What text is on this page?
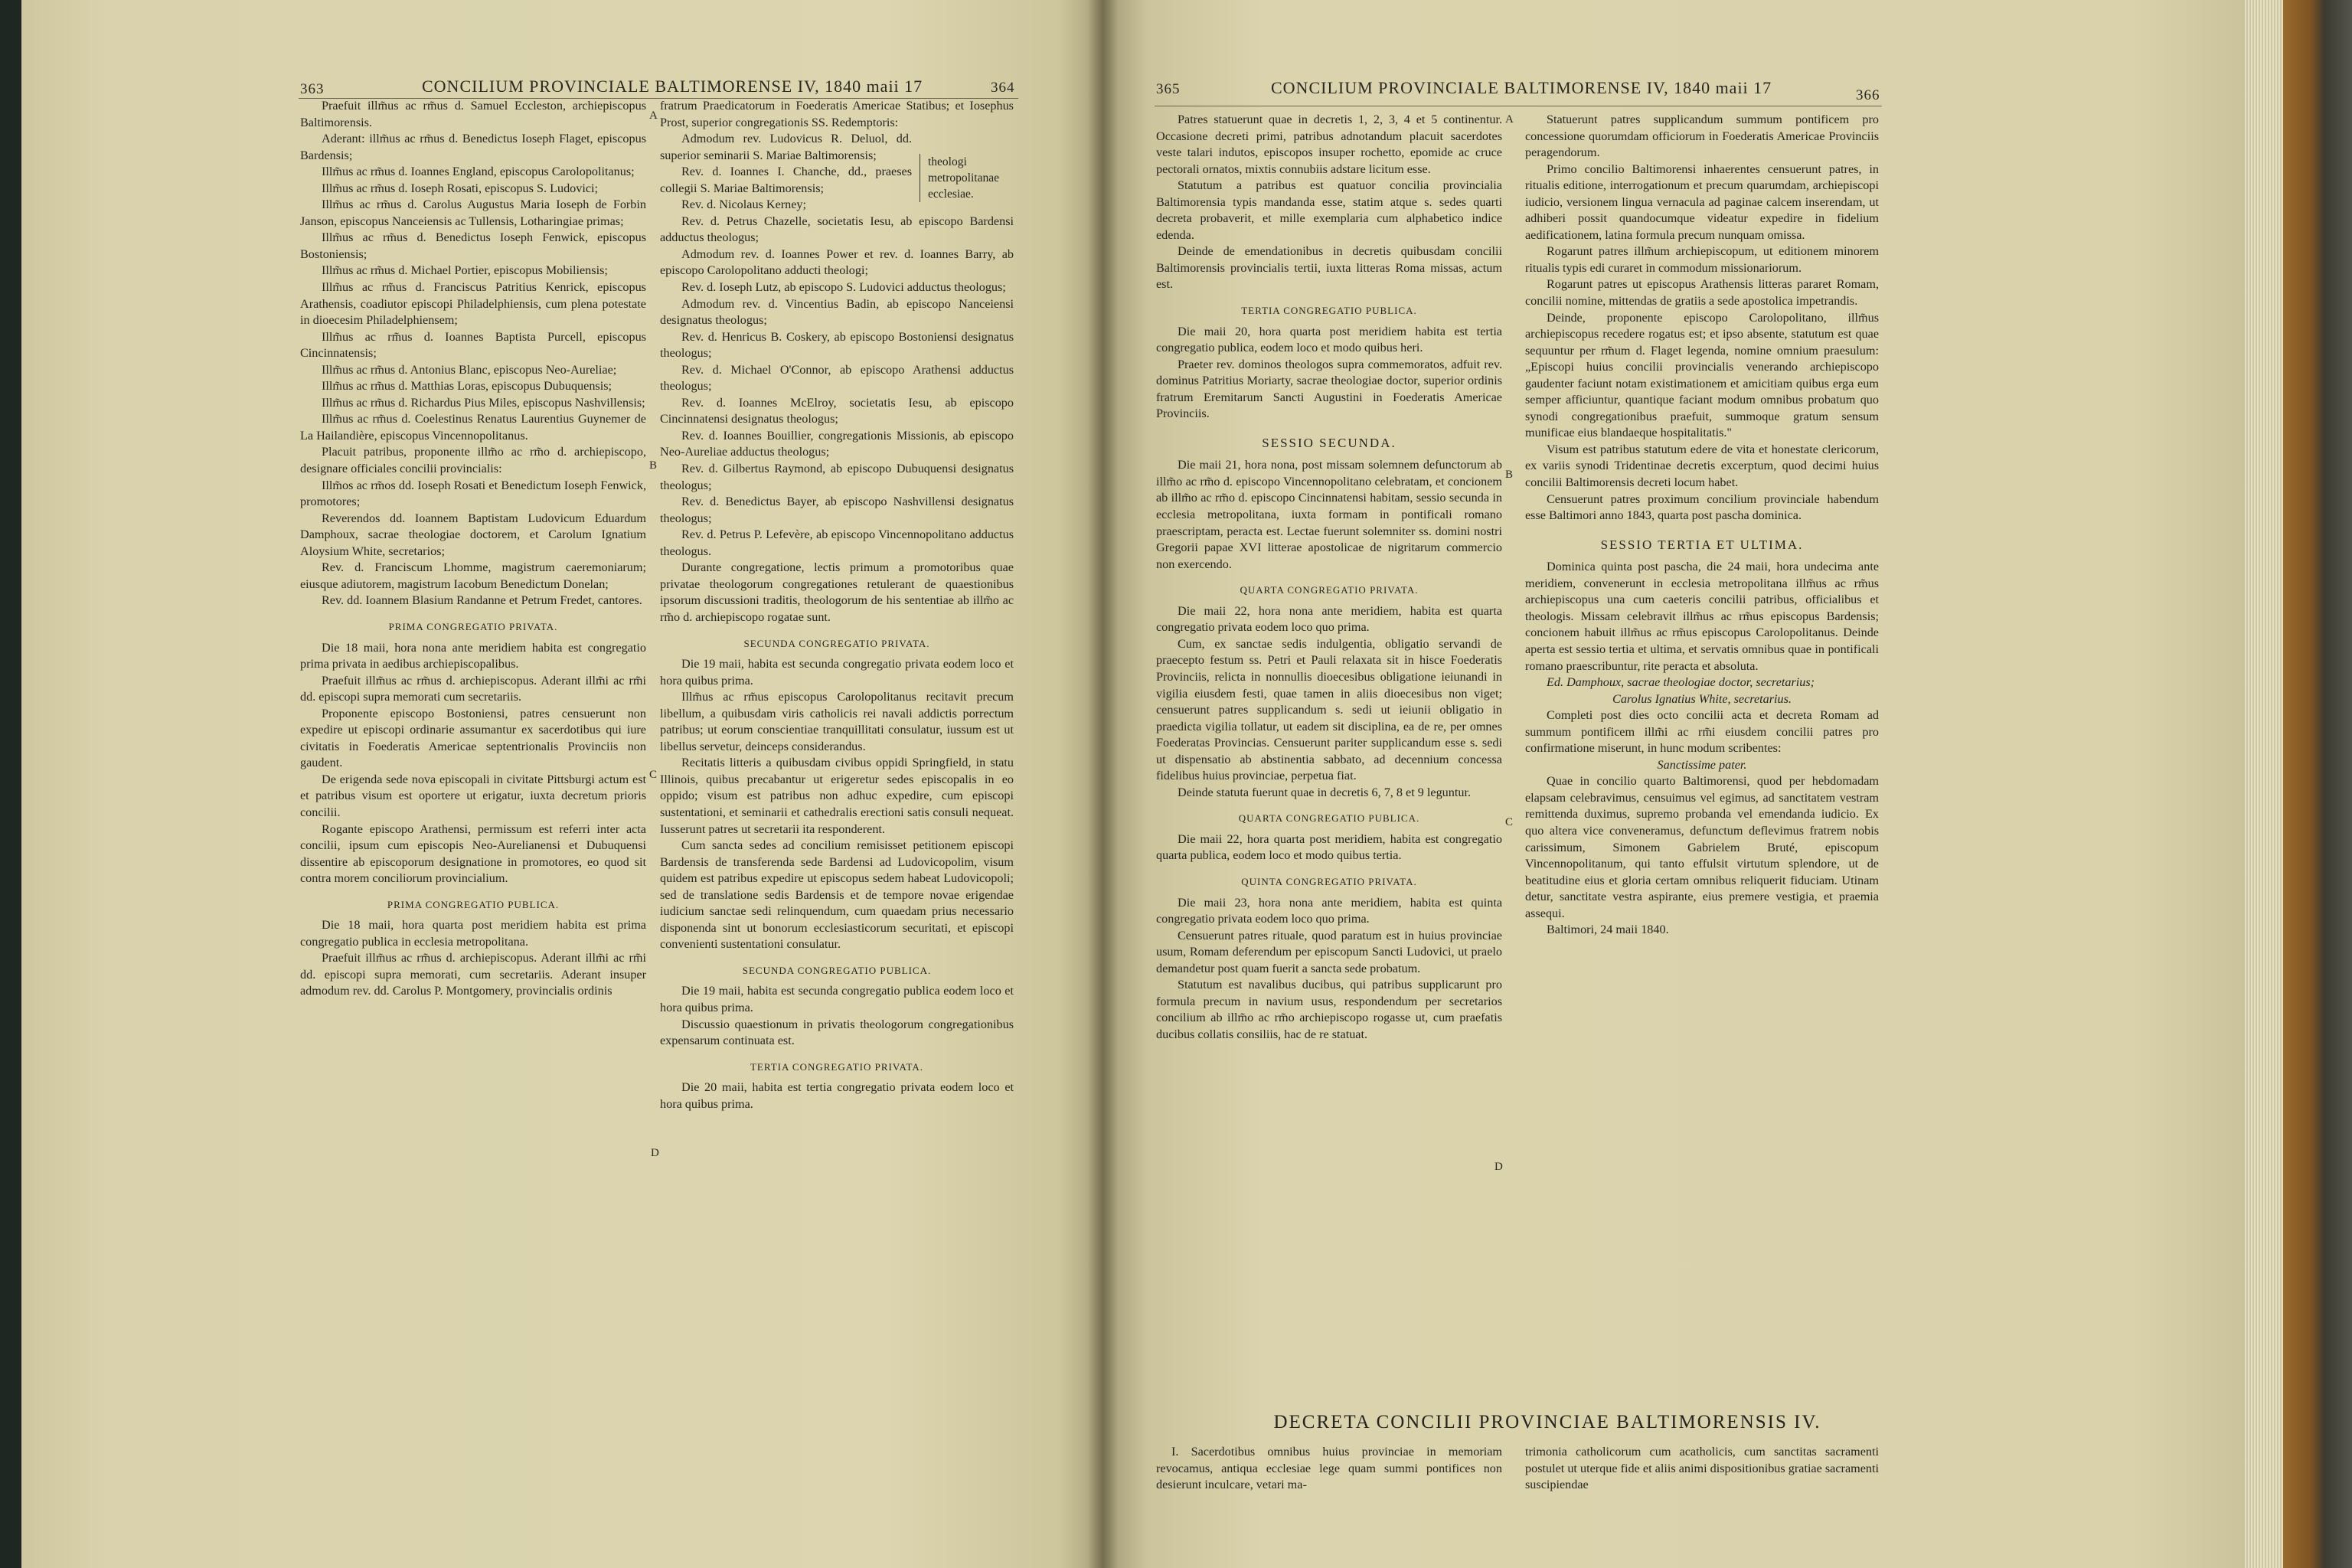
363	CONCILIUM PROVINCIALE BALTIMORENSE IV, 1840 maii 17	364

Praefuit illm̃us ac rm̃us d. Samuel Eccleston, archiepiscopus Baltimorensis.

Aderant: illm̃us ac rm̃us d. Benedictus Ioseph Flaget, episcopus Bardensis;

Illm̃us ac rm̃us d. Ioannes England, episcopus Carolopolitanus;

Illm̃us ac rm̃us d. Ioseph Rosati, episcopus S. Ludovici;

Illm̃us ac rm̃us d. Carolus Augustus Maria Ioseph de Forbin Janson, episcopus Nanceiensis ac Tullensis, Lotharingiae primas;

Illm̃us ac rm̃us d. Benedictus Ioseph Fenwick, episcopus Bostoniensis;

Illm̃us ac rm̃us d. Michael Portier, episcopus Mobiliensis;

Illm̃us ac rm̃us d. Franciscus Patritius Kenrick, episcopus Arathensis, coadiutor episcopi Philadelphiensis, cum plena potestate in dioecesim Philadelphiensem;

Illm̃us ac rm̃us d. Ioannes Baptista Purcell, episcopus Cincinnatensis;

Illm̃us ac rm̃us d. Antonius Blanc, episcopus Neo-Aureliae;

Illm̃us ac rm̃us d. Matthias Loras, episcopus Dubuquensis;

Illm̃us ac rm̃us d. Richardus Pius Miles, episcopus Nashvillensis;

Illm̃us ac rm̃us d. Coelestinus Renatus Laurentius Guynemer de La Hailandière, episcopus Vincennopolitanus.

Placuit patribus, proponente illm̃o ac rm̃o d. archiepiscopo, designare officiales concilii provincialis:

Illm̃os ac rm̃os dd. Ioseph Rosati et Benedictum Ioseph Fenwick, promotores;

Reverendos dd. Ioannem Baptistam Ludovicum Eduardum Damphoux, sacrae theologiae doctorem, et Carolum Ignatium Aloysium White, secretarios;

Rev. d. Franciscum Lhomme, magistrum caeremoniarum; eiusque adiutorem, magistrum Iacobum Benedictum Donelan;

Rev. dd. Ioannem Blasium Randanne et Petrum Fredet, cantores.

PRIMA CONGREGATIO PRIVATA.

Die 18 maii, hora nona ante meridiem habita est congregatio prima privata in aedibus archiepiscopalibus.

Praefuit illm̃us ac rm̃us d. archiepiscopus. Aderant illm̃i ac rm̃i dd. episcopi supra memorati cum secretariis.

Proponente episcopo Bostoniensi, patres censuerunt non expedire ut episcopi ordinarie assumantur ex sacerdotibus qui iure civitatis in Foederatis Americae septentrionalis Provinciis non gaudent.

De erigenda sede nova episcopali in civitate Pittsburgi actum est et patribus visum est oportere ut erigatur, iuxta decretum prioris concilii.

Rogante episcopo Arathensi, permissum est referri inter acta concilii, ipsum cum episcopis Neo-Aurelianensi et Dubuquensi dissentire ab episcoporum designatione in promotores, eo quod sit contra morem conciliorum provincialium.

PRIMA CONGREGATIO PUBLICA.

Die 18 maii, hora quarta post meridiem habita est prima congregatio publica in ecclesia metropolitana.

Praefuit illm̃us ac rm̃us d. archiepiscopus. Aderant illm̃i ac rm̃i dd. episcopi supra memorati, cum secretariis. Aderant insuper admodum rev. dd. Carolus P. Montgomery, provincialis ordinis

fratrum Praedicatorum in Foederatis Americae Statibus; et Iosephus Prost, superior congregationis SS. Redemptoris:

theologi metropolitanae ecclesiae.

Admodum rev. Ludovicus R. Deluol, dd. superior seminarii S. Mariae Baltimorensis;

Rev. d. Ioannes I. Chanche, dd., praeses collegii S. Mariae Baltimorensis;

Rev. d. Nicolaus Kerney;

Rev. d. Petrus Chazelle, societatis Iesu, ab episcopo Bardensi adductus theologus;

Admodum rev. d. Ioannes Power et rev. d. Ioannes Barry, ab episcopo Carolopolitano adducti theologi;

Rev. d. Ioseph Lutz, ab episcopo S. Ludovici adductus theologus;

Admodum rev. d. Vincentius Badin, ab episcopo Nanceiensi designatus theologus;

Rev. d. Henricus B. Coskery, ab episcopo Bostoniensi designatus theologus;

Rev. d. Michael O'Connor, ab episcopo Arathensi adductus theologus;

Rev. d. Ioannes McElroy, societatis Iesu, ab episcopo Cincinnatensi designatus theologus;

Rev. d. Ioannes Bouillier, congregationis Missionis, ab episcopo Neo-Aureliae adductus theologus;

Rev. d. Gilbertus Raymond, ab episcopo Dubuquensi designatus theologus;

Rev. d. Benedictus Bayer, ab episcopo Nashvillensi designatus theologus;

Rev. d. Petrus P. Lefevère, ab episcopo Vincennopolitano adductus theologus.

Durante congregatione, lectis primum a promotoribus quae privatae theologorum congregationes retulerant de quaestionibus ipsorum discussioni traditis, theologorum de his sententiae ab illm̃o ac rm̃o d. archiepiscopo rogatae sunt.

SECUNDA CONGREGATIO PRIVATA.

Die 19 maii, habita est secunda congregatio privata eodem loco et hora quibus prima.

Illm̃us ac rm̃us episcopus Carolopolitanus recitavit precum libellum, a quibusdam viris catholicis rei navali addictis porrectum patribus; ut eorum conscientiae tranquillitati consulatur, iussum est ut libellus servetur, deinceps considerandus.

Recitatis litteris a quibusdam civibus oppidi Springfield, in statu Illinois, quibus precabantur ut erigeretur sedes episcopalis in eo oppido; visum est patribus non adhuc expedire, cum episcopi sustentationi, et seminarii et cathedralis erectioni satis consuli nequeat. Iusserunt patres ut secretarii ita responderent.

Cum sancta sedes ad concilium remisisset petitionem episcopi Bardensis de transferenda sede Bardensi ad Ludovicopolim, visum quidem est patribus expedire ut episcopus sedem habeat Ludovicopoli; sed de translatione sedis Bardensis et de tempore novae erigendae iudicium sanctae sedi relinquendum, cum quaedam prius necessario disponenda sint ut bonorum ecclesiasticorum securitati, et episcopi convenienti sustentationi consulatur.

SECUNDA CONGREGATIO PUBLICA.

Die 19 maii, habita est secunda congregatio publica eodem loco et hora quibus prima.

Discussio quaestionum in privatis theologorum congregationibus expensarum continuata est.

TERTIA CONGREGATIO PRIVATA.

Die 20 maii, habita est tertia congregatio privata eodem loco et hora quibus prima.

A
B
C
D
365	CONCILIUM PROVINCIALE BALTIMORENSE IV, 1840 maii 17	366

Patres statuerunt quae in decretis 1, 2, 3, 4 et 5 continentur. Occasione decreti primi, patribus adnotandum placuit sacerdotes veste talari indutos, episcopos insuper rochetto, epomide ac cruce pectorali ornatos, mixtis connubiis adstare licitum esse.

Statutum a patribus est quatuor concilia provincialia Baltimorensia typis mandanda esse, statim atque s. sedes quarti decreta probaverit, et mille exemplaria cum alphabetico indice edenda.

Deinde de emendationibus in decretis quibusdam concilii Baltimorensis provincialis tertii, iuxta litteras Roma missas, actum est.

TERTIA CONGREGATIO PUBLICA.

Die maii 20, hora quarta post meridiem habita est tertia congregatio publica, eodem loco et modo quibus heri.

Praeter rev. dominos theologos supra commemoratos, adfuit rev. dominus Patritius Moriarty, sacrae theologiae doctor, superior ordinis fratrum Eremitarum Sancti Augustini in Foederatis Americae Provinciis.

SESSIO SECUNDA.

Die maii 21, hora nona, post missam solemnem defunctorum ab illm̃o ac rm̃o d. episcopo Vincennopolitano celebratam, et concionem ab illm̃o ac rm̃o d. episcopo Cincinnatensi habitam, sessio secunda in ecclesia metropolitana, iuxta formam in pontificali romano praescriptam, peracta est. Lectae fuerunt solemniter ss. domini nostri Gregorii papae XVI litterae apostolicae de nigritarum commercio non exercendo.

QUARTA CONGREGATIO PRIVATA.

Die maii 22, hora nona ante meridiem, habita est quarta congregatio privata eodem loco quo prima.

Cum, ex sanctae sedis indulgentia, obligatio servandi de praecepto festum ss. Petri et Pauli relaxata sit in hisce Foederatis Provinciis, relicta in nonnullis dioecesibus obligatione ieiunandi in vigilia eiusdem festi, quae tamen in aliis dioecesibus non viget; censuerunt patres supplicandum s. sedi ut ieiunii obligatio in praedicta vigilia tollatur, ut eadem sit disciplina, ea de re, per omnes Foederatas Provincias. Censuerunt pariter supplicandum esse s. sedi ut dispensatio ab abstinentia sabbato, ad decennium concessa fidelibus huius provinciae, perpetua fiat.

Deinde statuta fuerunt quae in decretis 6, 7, 8 et 9 leguntur.

QUARTA CONGREGATIO PUBLICA.

Die maii 22, hora quarta post meridiem, habita est congregatio quarta publica, eodem loco et modo quibus tertia.

QUINTA CONGREGATIO PRIVATA.

Die maii 23, hora nona ante meridiem, habita est quinta congregatio privata eodem loco quo prima.

Censuerunt patres rituale, quod paratum est in huius provinciae usum, Romam deferendum per episcopum Sancti Ludovici, ut praelo demandetur post quam fuerit a sancta sede probatum.

Statutum est navalibus ducibus, qui patribus supplicarunt pro formula precum in navium usus, respondendum per secretarios concilium ab illm̃o ac rm̃o archiepiscopo rogasse ut, cum praefatis ducibus collatis consiliis, hac de re statuat.

Statuerunt patres supplicandum summum pontificem pro concessione quorumdam officiorum in Foederatis Americae Provinciis peragendorum.

Primo concilio Baltimorensi inhaerentes censuerunt patres, in ritualis editione, interrogationum et precum quarumdam, archiepiscopi iudicio, versionem lingua vernacula ad paginae calcem inserendam, ut adhiberi possit quandocumque videatur expedire in fidelium aedificationem, latina formula precum nunquam omissa.

Rogarunt patres illm̃um archiepiscopum, ut editionem minorem ritualis typis edi curaret in commodum missionariorum.

Rogarunt patres ut episcopus Arathensis litteras pararet Romam, concilii nomine, mittendas de gratiis a sede apostolica impetrandis.

Deinde, proponente episcopo Carolopolitano, illm̃us archiepiscopus recedere rogatus est; et ipso absente, statutum est quae sequuntur per rm̃um d. Flaget legenda, nomine omnium praesulum: „Episcopi huius concilii provincialis venerando archiepiscopo gaudenter faciunt notam existimationem et amicitiam quibus erga eum semper afficiuntur, quantique faciant modum omnibus probatum quo synodi congregationibus praefuit, summoque gratum sensum munificae eius blandaeque hospitalitatis."

Visum est patribus statutum edere de vita et honestate clericorum, ex variis synodi Tridentinae decretis excerptum, quod decimi huius concilii Baltimorensis decreti locum habet.

Censuerunt patres proximum concilium provinciale habendum esse Baltimori anno 1843, quarta post pascha dominica.

SESSIO TERTIA ET ULTIMA.

Dominica quinta post pascha, die 24 maii, hora undecima ante meridiem, convenerunt in ecclesia metropolitana illm̃us ac rm̃us archiepiscopus una cum caeteris concilii patribus, officialibus et theologis. Missam celebravit illm̃us ac rm̃us episcopus Bardensis; concionem habuit illm̃us ac rm̃us episcopus Carolopolitanus. Deinde aperta est sessio tertia et ultima, et servatis omnibus quae in pontificali romano praescribuntur, rite peracta et absoluta.

Ed. Damphoux, sacrae theologiae doctor, secretarius;
Carolus Ignatius White, secretarius.

Completi post dies octo concilii acta et decreta Romam ad summum pontificem illm̃i ac rm̃i eiusdem concilii patres pro confirmatione miserunt, in hunc modum scribentes:

Sanctissime pater.

Quae in concilio quarto Baltimorensi, quod per hebdomadam elapsam celebravimus, censuimus vel egimus, ad sanctitatem vestram remittenda duximus, supremo probanda vel emendanda iudicio. Ex quo altera vice conveneramus, defunctum deflevimus fratrem nobis carissimum, Simonem Gabrielem Bruté, episcopum Vincennopolitanum, qui tanto effulsit virtutum splendore, ut de beatitudine eius et gloria certam omnibus reliquerit fiduciam. Utinam detur, sanctitate vestra aspirante, eius premere vestigia, et praemia assequi.

Baltimori, 24 maii 1840.

A
B
C
D
DECRETA CONCILII PROVINCIAE BALTIMORENSIS IV.

I. Sacerdotibus omnibus huius provinciae in memoriam revocamus, antiqua ecclesiae lege quam summi pontifices non desierunt inculcare, vetari ma-

trimonia catholicorum cum acatholicis, cum sanctitas sacramenti postulet ut uterque fide et aliis animi dispositionibus gratiae sacramenti suscipiendae
